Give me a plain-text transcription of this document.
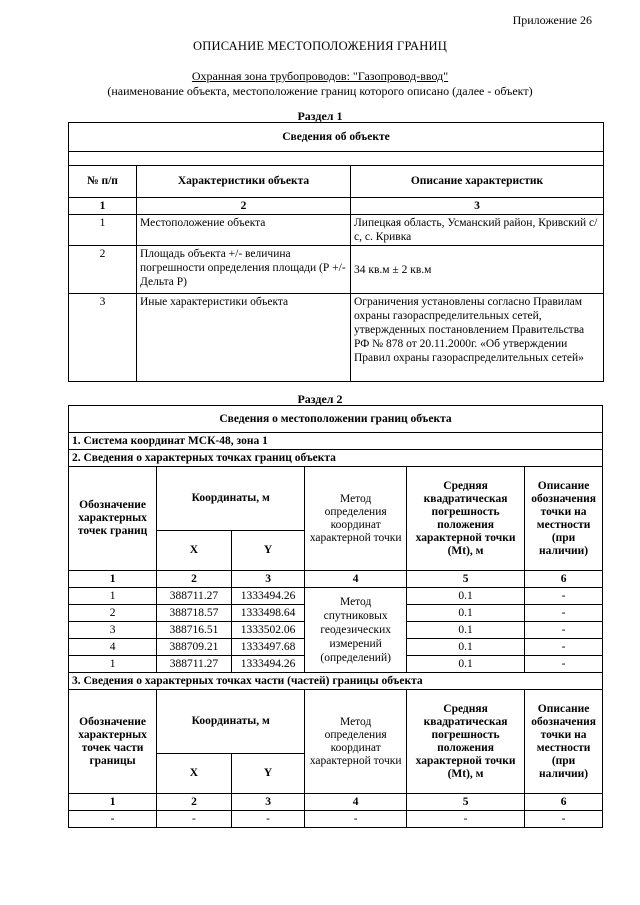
Приложение 26
ОПИСАНИЕ МЕСТОПОЛОЖЕНИЯ ГРАНИЦ
Охранная зона трубопроводов: "Газопровод-ввод"
(наименование объекта, местоположение границ которого описано (далее - объект)
Раздел 1
Сведения об объекте		

№ п/п	Характеристики объекта	Описание характеристик
1	2	3
1	Местоположение объекта	Липецкая область, Усманский район, Кривский с/с, с. Кривка
2	Площадь объекта +/- величина погрешности определения площади (Р +/- Дельта Р)	34 кв.м ± 2 кв.м
3	Иные характеристики объекта	Ограничения установлены согласно Правилам охраны газораспределительных сетей, утвержденных постановлением Правительства РФ № 878 от 20.11.2000г. «Об утверждении Правил охраны газораспределительных сетей»
Раздел 2
Сведения о местоположении границ объекта					
1. Система координат МСК-48, зона 1					
2. Сведения о характерных точках границ объекта					
Обозначение характерных точек границ	Координаты, м		Метод определения координат характерной точки	Средняя квадратическая погрешность положения характерной точки (Mt), м	Описание обозначения точки на местности (при наличии)
	X	Y			
1	2	3	4	5	6
1	388711.27	1333494.26	Метод спутниковых геодезических измерений (определений)	0.1	-
2	388718.57	1333498.64		0.1	-
3	388716.51	1333502.06		0.1	-
4	388709.21	1333497.68		0.1	-
1	388711.27	1333494.26		0.1	-
3. Сведения о характерных точках части (частей) границы объекта					
Обозначение характерных точек части границы	Координаты, м		Метод определения координат характерной точки	Средняя квадратическая погрешность положения характерной точки (Mt), м	Описание обозначения точки на местности (при наличии)
	X	Y			
1	2	3	4	5	6
-	-	-	-	-	-
